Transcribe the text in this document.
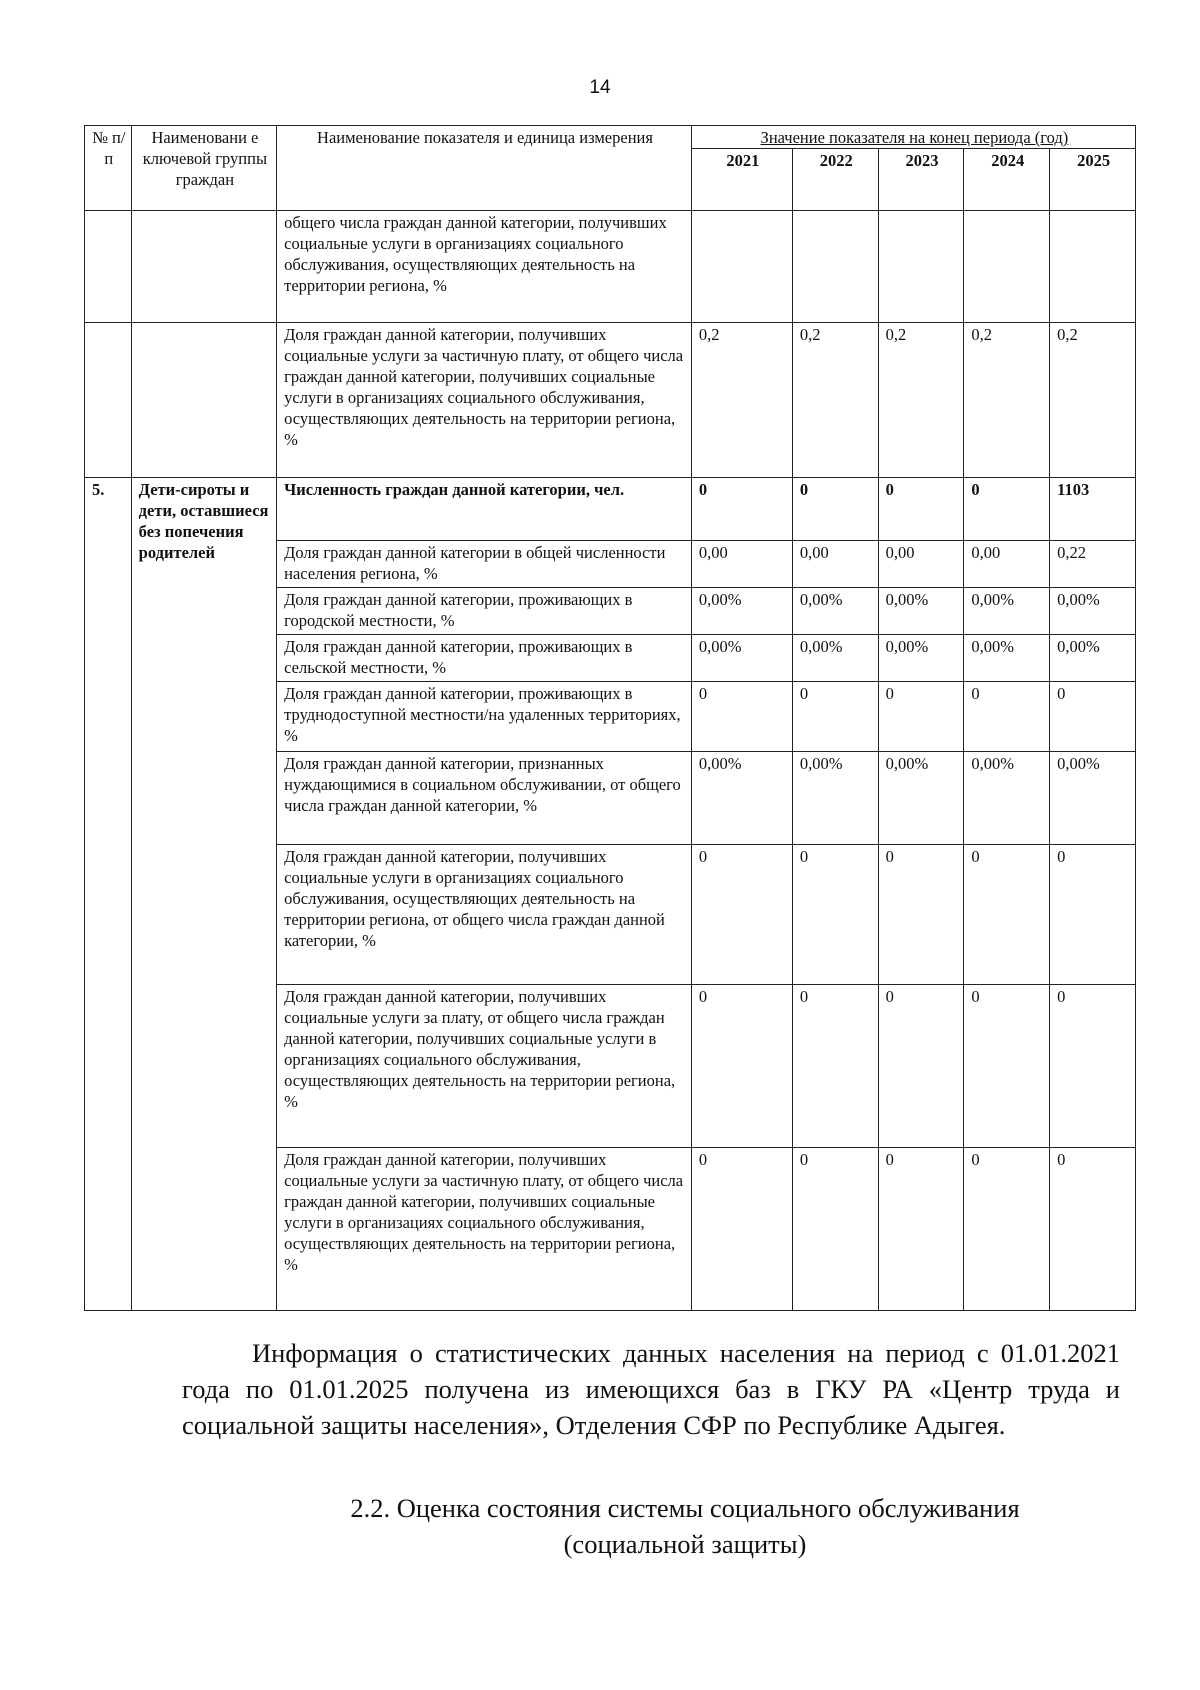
14
№ п/п	Наименовани е ключевой группы граждан	Наименование показателя и единица измерения	Значение показателя на конец периода (год)				
			2021	2022	2023	2024	2025
		общего числа граждан данной категории, получивших социальные услуги в организациях социального обслуживания, осуществляющих деятельность на территории региона, %					
		Доля граждан данной категории, получивших социальные услуги за частичную плату, от общего числа граждан данной категории, получивших социальные услуги в организациях социального обслуживания, осуществляющих деятельность на территории региона, %	0,2	0,2	0,2	0,2	0,2
5.	Дети-сироты и дети, оставшиеся без попечения родителей	Численность граждан данной категории, чел.	0	0	0	0	1103
		Доля граждан данной категории в общей численности населения региона, %	0,00	0,00	0,00	0,00	0,22
		Доля граждан данной категории, проживающих в городской местности, %	0,00%	0,00%	0,00%	0,00%	0,00%
		Доля граждан данной категории, проживающих в сельской местности, %	0,00%	0,00%	0,00%	0,00%	0,00%
		Доля граждан данной категории, проживающих в труднодоступной местности/на удаленных территориях, %	0	0	0	0	0
		Доля граждан данной категории, признанных нуждающимися в социальном обслуживании, от общего числа граждан данной категории, %	0,00%	0,00%	0,00%	0,00%	0,00%
		Доля граждан данной категории, получивших социальные услуги в организациях социального обслуживания, осуществляющих деятельность на территории региона, от общего числа граждан данной категории, %	0	0	0	0	0
		Доля граждан данной категории, получивших социальные услуги за плату, от общего числа граждан данной категории, получивших социальные услуги в организациях социального обслуживания, осуществляющих деятельность на территории региона, %	0	0	0	0	0
		Доля граждан данной категории, получивших социальные услуги за частичную плату, от общего числа граждан данной категории, получивших социальные услуги в организациях социального обслуживания, осуществляющих деятельность на территории региона, %	0	0	0	0	0

Информация о статистических данных населения на период с 01.01.2021 года по 01.01.2025 получена из имеющихся баз в ГКУ РА «Центр труда и социальной защиты населения», Отделения СФР по Республике Адыгея.

2.2. Оценка состояния системы социального обслуживания
(социальной защиты)
